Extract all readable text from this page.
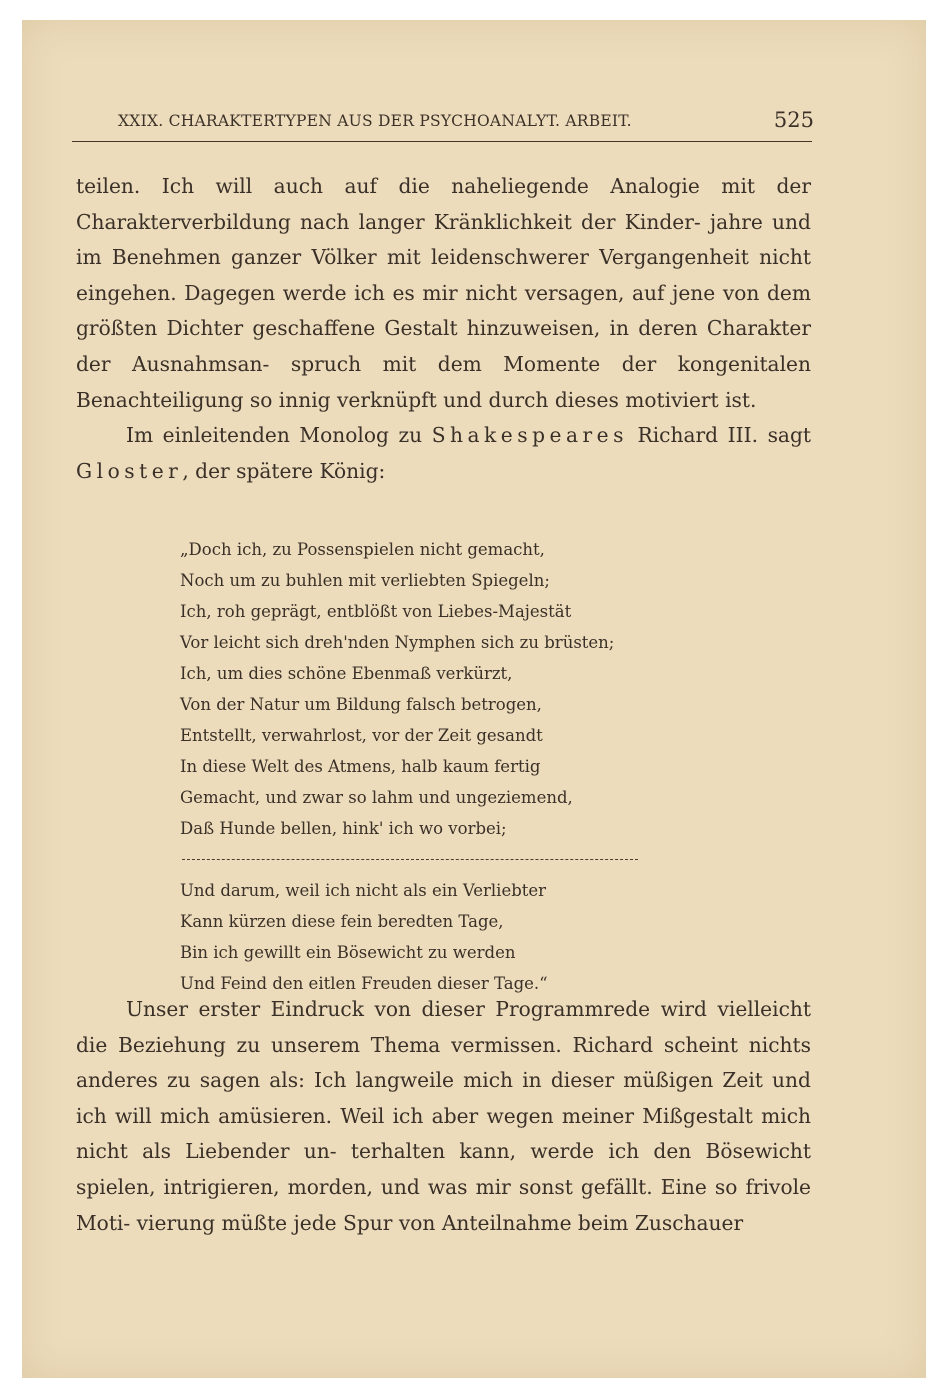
XXIX. CHARAKTERTYPEN AUS DER PSYCHOANALYT. ARBEIT.	525

teilen. Ich will auch auf die naheliegende Analogie mit der Charakterverbildung nach langer Kränklichkeit der Kinder- jahre und im Benehmen ganzer Völker mit leidenschwerer Vergangenheit nicht eingehen. Dagegen werde ich es mir nicht versagen, auf jene von dem größten Dichter geschaffene Gestalt hinzuweisen, in deren Charakter der Ausnahmsan- spruch mit dem Momente der kongenitalen Benachteiligung so innig verknüpft und durch dieses motiviert ist.

Im einleitenden Monolog zu Shakespeares Richard III. sagt Gloster, der spätere König:

„Doch ich, zu Possenspielen nicht gemacht,
Noch um zu buhlen mit verliebten Spiegeln;
Ich, roh geprägt, entblößt von Liebes-Majestät
Vor leicht sich dreh'nden Nymphen sich zu brüsten;
Ich, um dies schöne Ebenmaß verkürzt,
Von der Natur um Bildung falsch betrogen,
Entstellt, verwahrlost, vor der Zeit gesandt
In diese Welt des Atmens, halb kaum fertig
Gemacht, und zwar so lahm und ungeziemend,
Daß Hunde bellen, hink' ich wo vorbei;
Und darum, weil ich nicht als ein Verliebter
Kann kürzen diese fein beredten Tage,
Bin ich gewillt ein Bösewicht zu werden
Und Feind den eitlen Freuden dieser Tage.“

Unser erster Eindruck von dieser Programmrede wird vielleicht die Beziehung zu unserem Thema vermissen. Richard scheint nichts anderes zu sagen als: Ich langweile mich in dieser müßigen Zeit und ich will mich amüsieren. Weil ich aber wegen meiner Mißgestalt mich nicht als Liebender un- terhalten kann, werde ich den Bösewicht spielen, intrigieren, morden, und was mir sonst gefällt. Eine so frivole Moti- vierung müßte jede Spur von Anteilnahme beim Zuschauer
